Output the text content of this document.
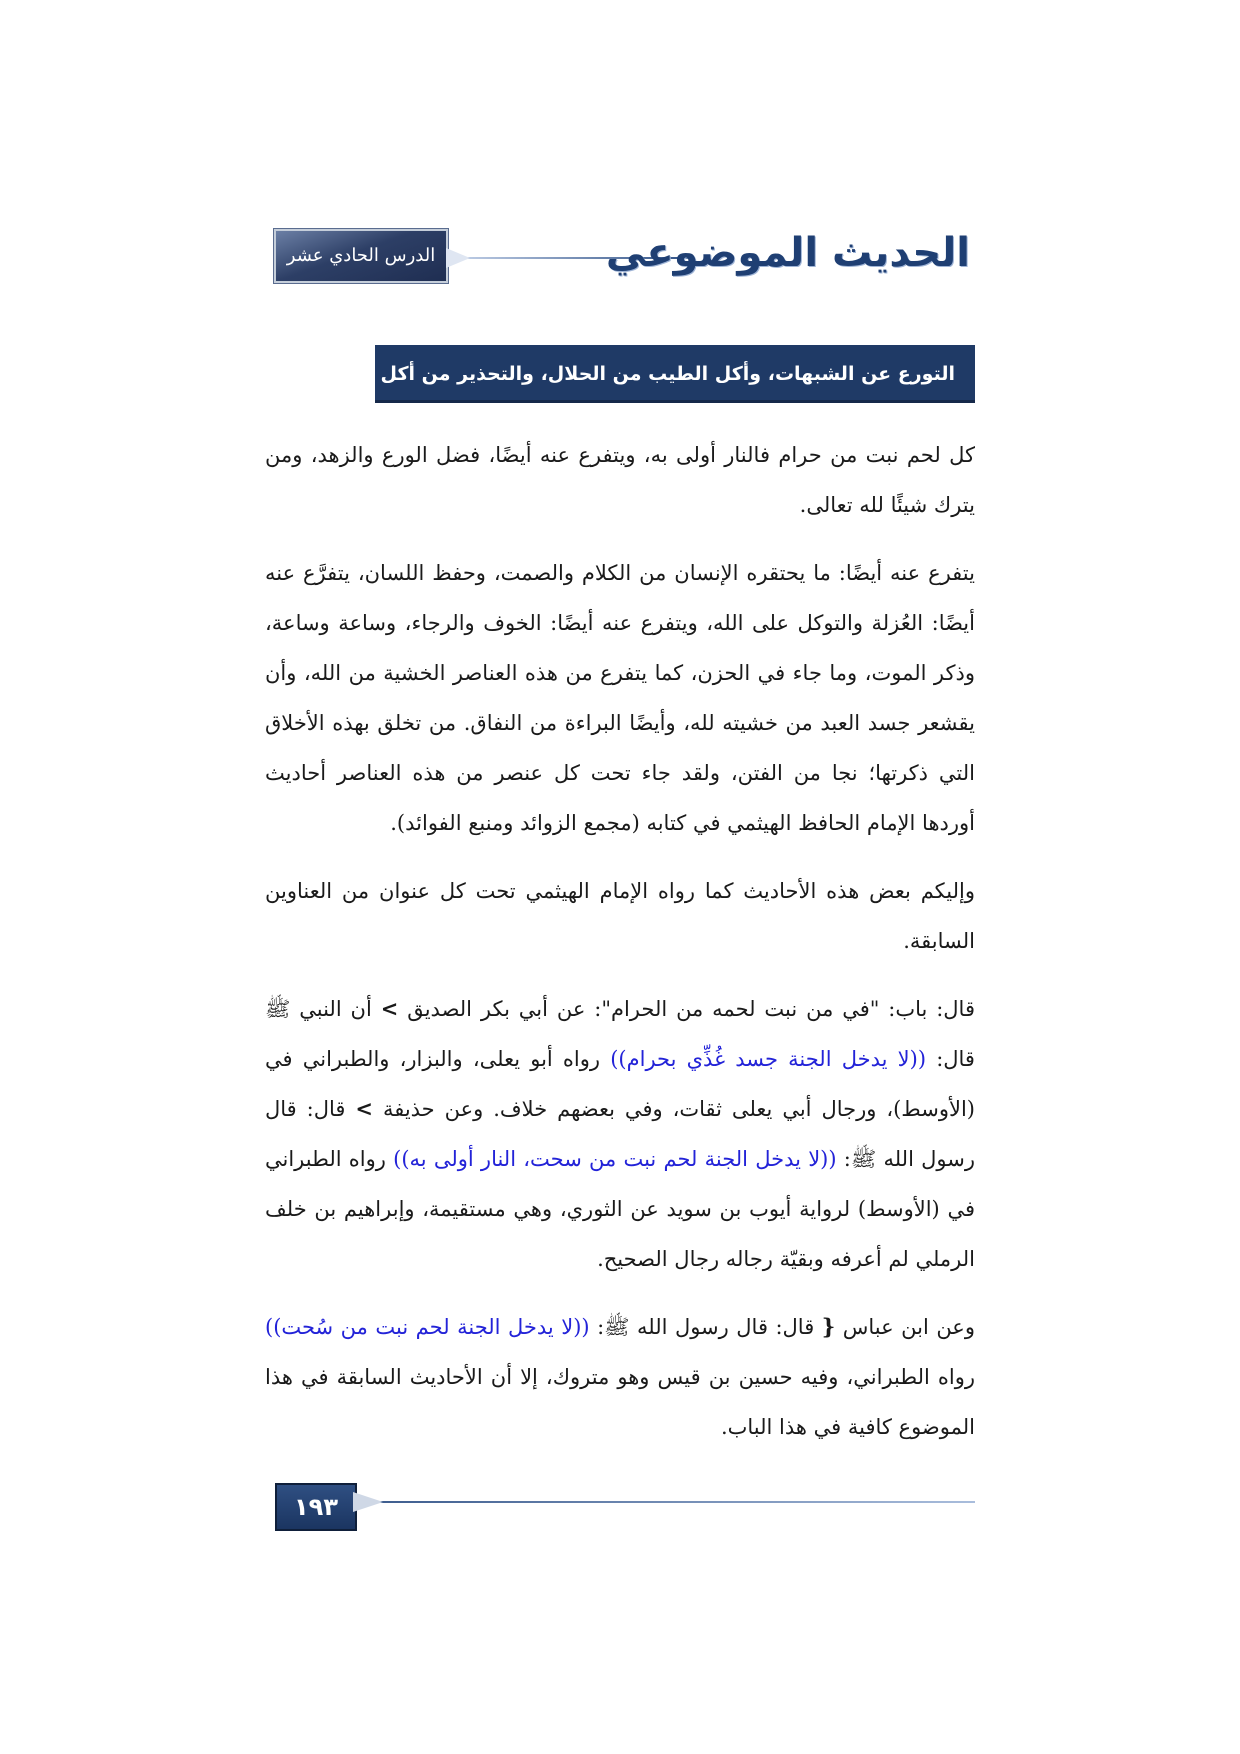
الدرس الحادي عشر	الحديث الموضوعي
التورع عن الشبهات، وأكل الطيب من الحلال، والتحذير من أكل الحرام

كل لحم نبت من حرام فالنار أولى به، ويتفرع عنه أيضًا، فضل الورع والزهد، ومن يترك شيئًا لله تعالى.

يتفرع عنه أيضًا: ما يحتقره الإنسان من الكلام والصمت، وحفظ اللسان، يتفرَّع عنه أيضًا: العُزلة والتوكل على الله، ويتفرع عنه أيضًا: الخوف والرجاء، وساعة وساعة، وذكر الموت، وما جاء في الحزن، كما يتفرع من هذه العناصر الخشية من الله، وأن يقشعر جسد العبد من خشيته لله، وأيضًا البراءة من النفاق. من تخلق بهذه الأخلاق التي ذكرتها؛ نجا من الفتن، ولقد جاء تحت كل عنصر من هذه العناصر أحاديث أوردها الإمام الحافظ الهيثمي في كتابه (مجمع الزوائد ومنبع الفوائد).

وإليكم بعض هذه الأحاديث كما رواه الإمام الهيثمي تحت كل عنوان من العناوين السابقة.

قال: باب: "في من نبت لحمه من الحرام": عن أبي بكر الصديق > أن النبي ﷺ قال: ((لا يدخل الجنة جسد غُذِّي بحرام)) رواه أبو يعلى، والبزار، والطبراني في (الأوسط)، ورجال أبي يعلى ثقات، وفي بعضهم خلاف. وعن حذيفة > قال: قال رسول الله ﷺ: ((لا يدخل الجنة لحم نبت من سحت، النار أولى به)) رواه الطبراني في (الأوسط) لرواية أيوب بن سويد عن الثوري، وهي مستقيمة، وإبراهيم بن خلف الرملي لم أعرفه وبقيّة رجاله رجال الصحيح.

وعن ابن عباس { قال: قال رسول الله ﷺ: ((لا يدخل الجنة لحم نبت من سُحت)) رواه الطبراني، وفيه حسين بن قيس وهو متروك، إلا أن الأحاديث السابقة في هذا الموضوع كافية في هذا الباب.

١٩٣
